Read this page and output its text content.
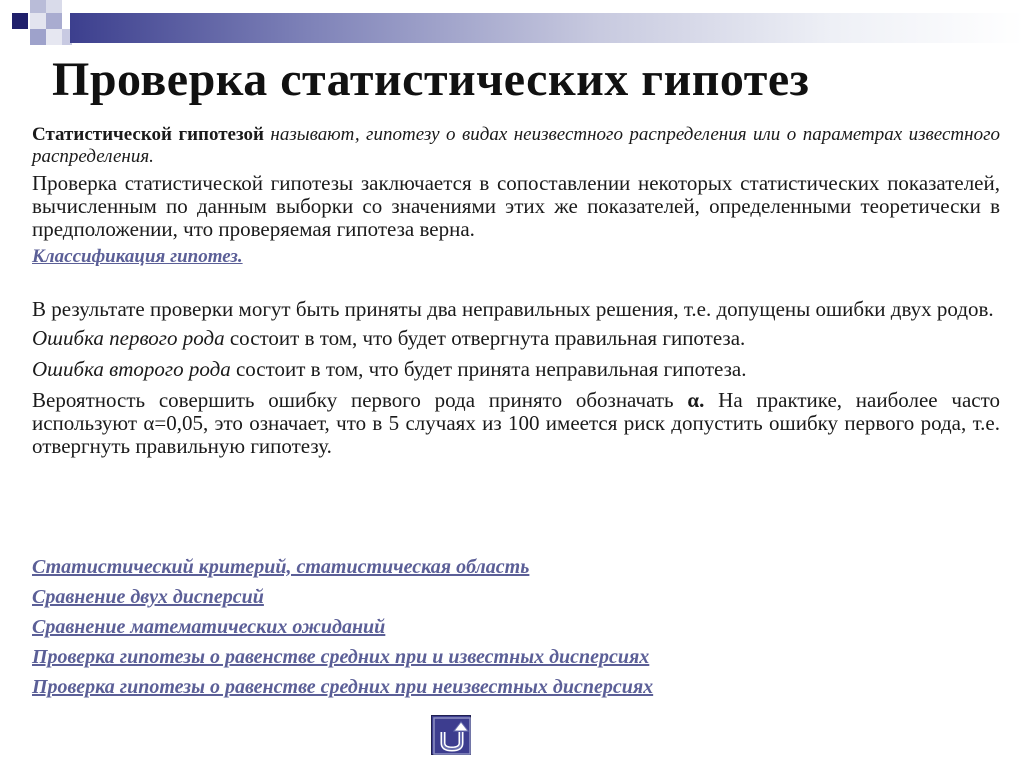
Проверка статистических гипотез

Статистической гипотезой называют, гипотезу о видах неизвестного распределения или о параметрах известного распределения.

Проверка статистической гипотезы заключается в сопоставлении некоторых статистических показателей, вычисленным по данным выборки со значениями этих же показателей, определенными теоретически в предположении, что проверяемая гипотеза верна.

Классификация гипотез.

В результате проверки могут быть приняты два неправильных решения, т.е. допущены ошибки двух родов.

Ошибка первого рода состоит в том, что будет отвергнута правильная гипотеза.

Ошибка второго рода состоит в том, что будет принята неправильная гипотеза.

Вероятность совершить ошибку первого рода принято обозначать α. На практике, наиболее часто используют α=0,05, это означает, что в 5 случаях из 100 имеется риск допустить ошибку первого рода, т.е. отвергнуть правильную гипотезу.

Статистический критерий, статистическая область
Сравнение двух дисперсий
Сравнение математических ожиданий
Проверка гипотезы о равенстве средних при и известных дисперсиях
Проверка гипотезы о равенстве средних при неизвестных дисперсиях
